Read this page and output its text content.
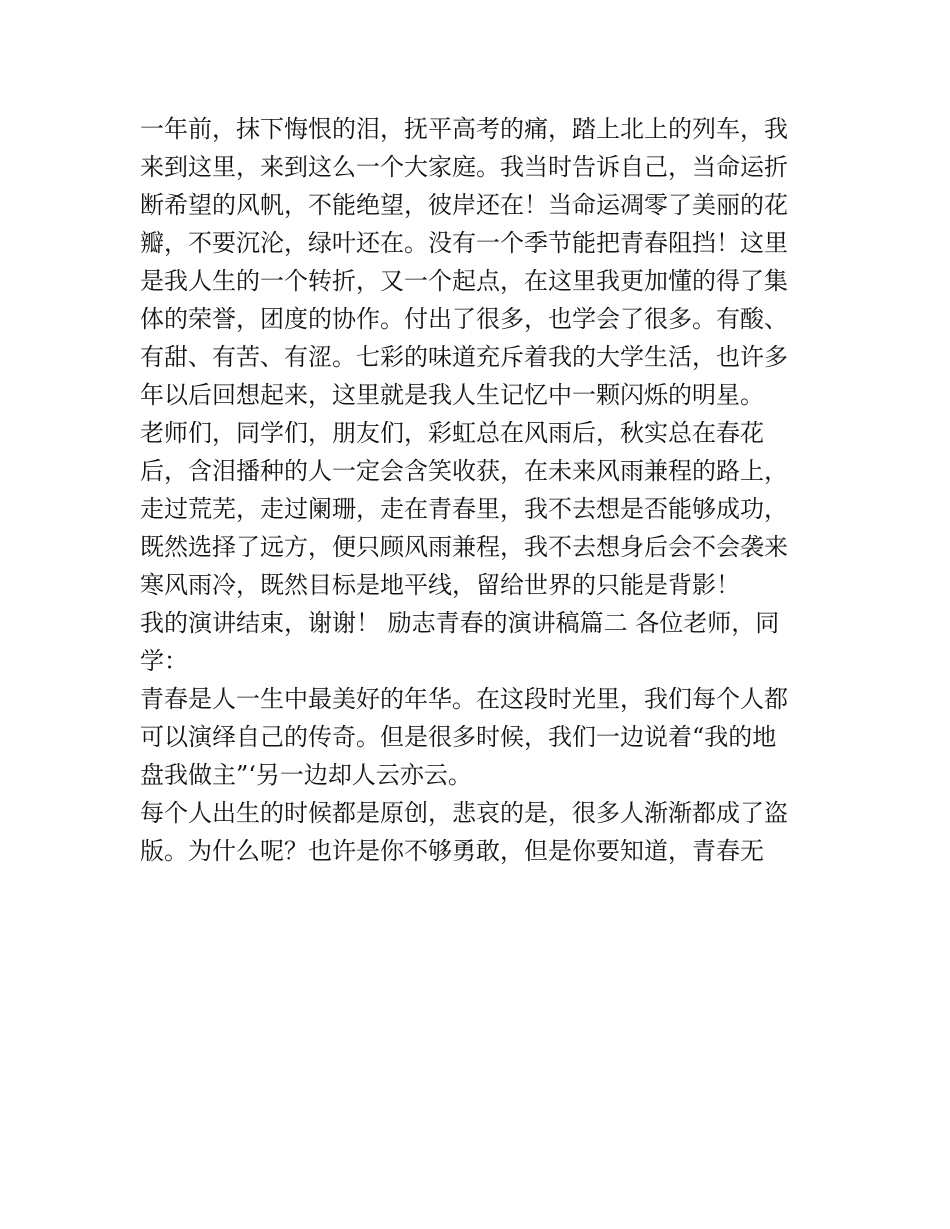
一年前，抹下悔恨的泪，抚平高考的痛，踏上北上的列车，我
来到这里，来到这么一个大家庭。我当时告诉自己，当命运折
断希望的风帆，不能绝望，彼岸还在！当命运凋零了美丽的花
瓣，不要沉沦，绿叶还在。没有一个季节能把青春阻挡！这里
是我人生的一个转折，又一个起点，在这里我更加懂的得了集
体的荣誉，团度的协作。付出了很多，也学会了很多。有酸、
有甜、有苦、有涩。七彩的味道充斥着我的大学生活，也许多
年以后回想起来，这里就是我人生记忆中一颗闪烁的明星。
老师们，同学们，朋友们，彩虹总在风雨后，秋实总在春花
后，含泪播种的人一定会含笑收获，在未来风雨兼程的路上，
走过荒芜，走过阑珊，走在青春里，我不去想是否能够成功，
既然选择了远方，便只顾风雨兼程，我不去想身后会不会袭来
寒风雨冷，既然目标是地平线，留给世界的只能是背影！
我的演讲结束，谢谢！ 励志青春的演讲稿篇二 各位老师，同
学：
青春是人一生中最美好的年华。在这段时光里，我们每个人都
可以演绎自己的传奇。但是很多时候，我们一边说着“我的地
盘我做主”‘另一边却人云亦云。
每个人出生的时候都是原创，悲哀的是，很多人渐渐都成了盗
版。为什么呢？也许是你不够勇敢，但是你要知道，青春无
